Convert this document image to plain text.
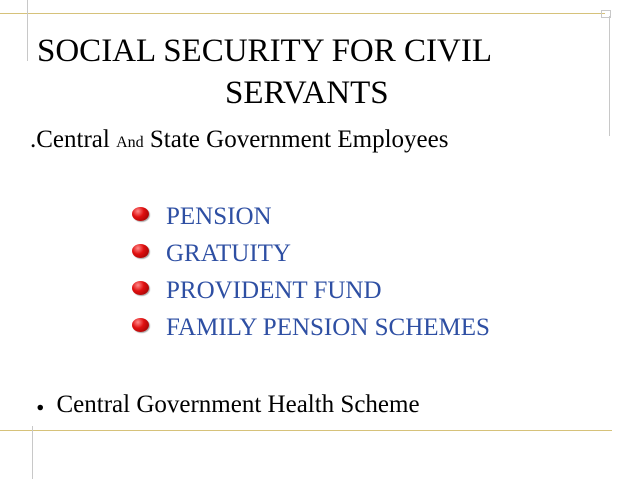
SOCIAL SECURITY FOR CIVIL
SERVANTS
.Central And State Government Employees
PENSION
GRATUITY
PROVIDENT FUND
FAMILY PENSION SCHEMES
. Central Government Health Scheme
